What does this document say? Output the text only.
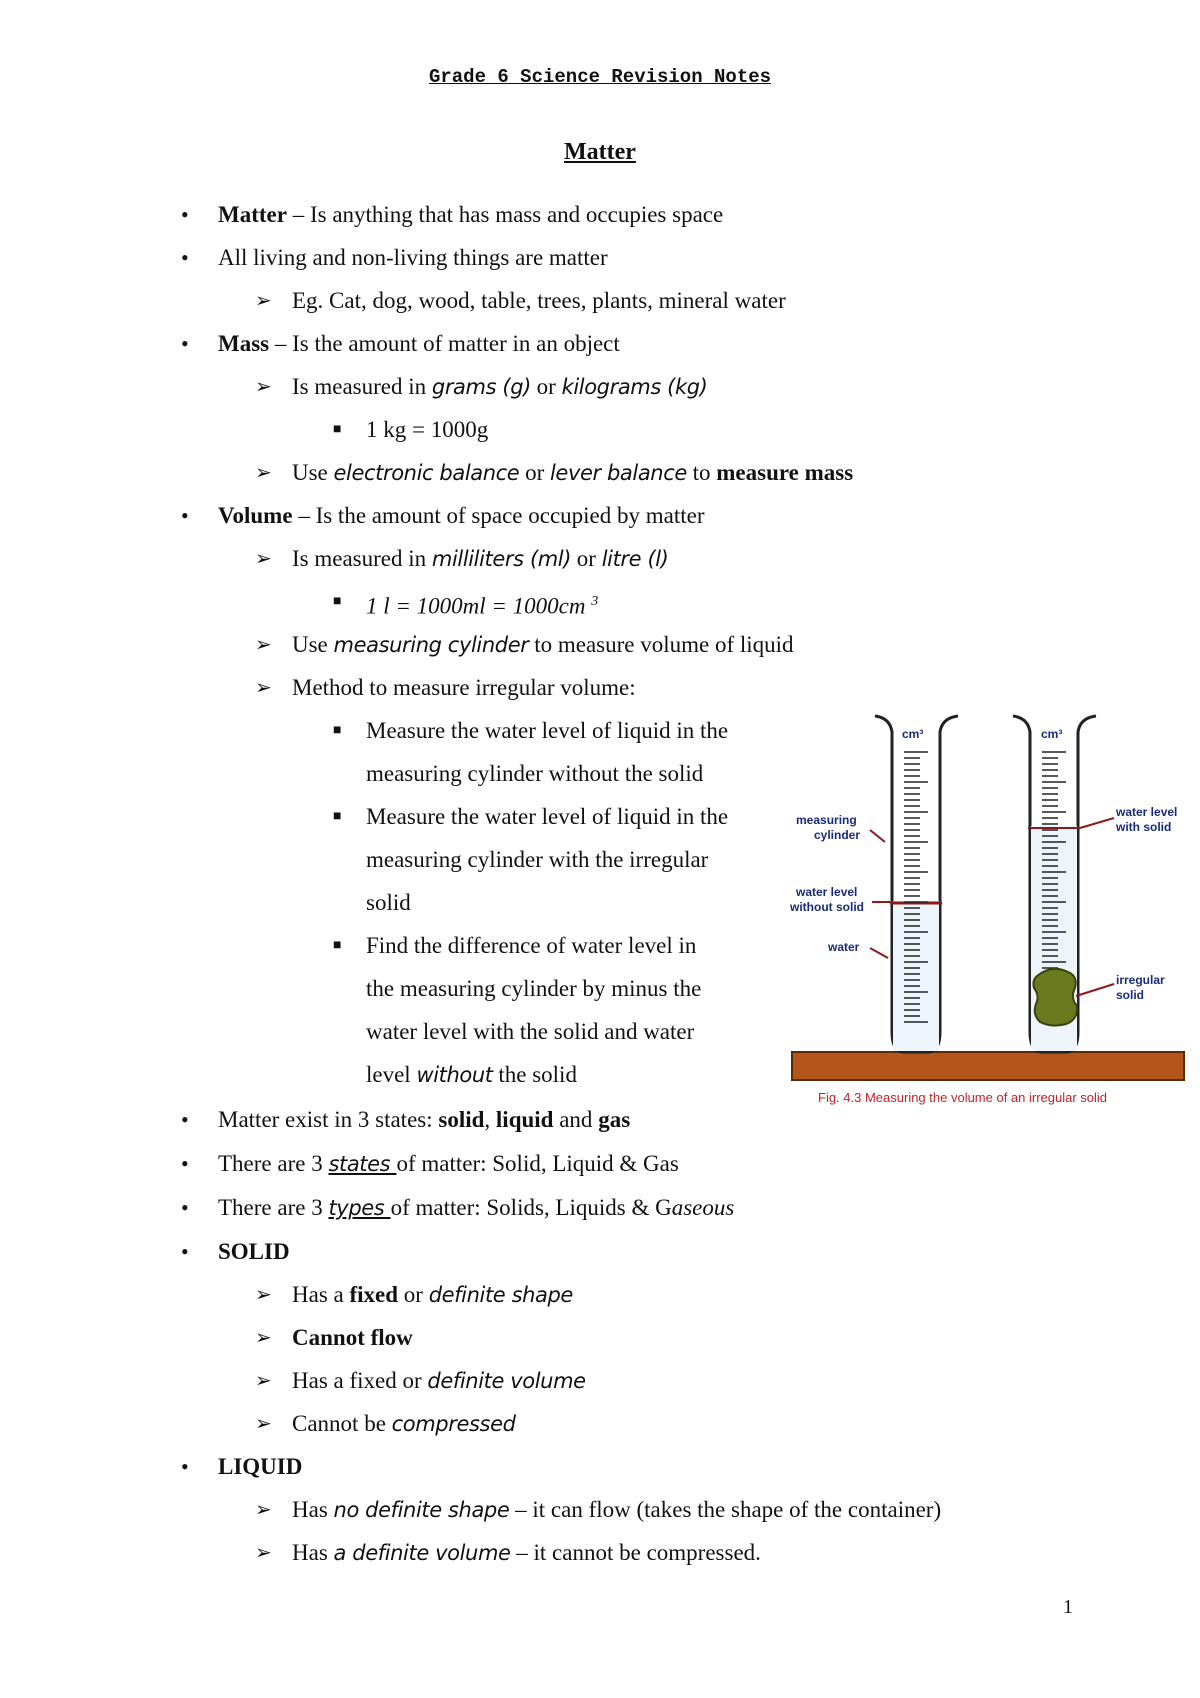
Grade 6 Science Revision Notes
Matter
• Matter – Is anything that has mass and occupies space
• All living and non-living things are matter
➢ Eg. Cat, dog, wood, table, trees, plants, mineral water
• Mass – Is the amount of matter in an object
➢ Is measured in grams (g) or kilograms (kg)
■ 1 kg = 1000g
➢ Use electronic balance or lever balance to measure mass
• Volume – Is the amount of space occupied by matter
➢ Is measured in milliliters (ml) or litre (l)
■ 1 l = 1000ml = 1000cm $^3$
➢ Use measuring cylinder to measure volume of liquid
➢ Method to measure irregular volume:
■ Measure the water level of liquid in the
measuring cylinder without the solid
■ Measure the water level of liquid in the
measuring cylinder with the irregular
solid
■ Find the difference of water level in
the measuring cylinder by minus the
water level with the solid and water
level without the solid
• Matter exist in 3 states: solid, liquid and gas
• There are 3 states of matter: Solid, Liquid & Gas
• There are 3 types of matter: Solids, Liquids & Gaseous
• SOLID
➢ Has a fixed or definite shape
➢ Cannot flow
➢ Has a fixed or definite volume
➢ Cannot be compressed
• LIQUID
➢ Has no definite shape – it can flow (takes the shape of the container)
➢ Has a definite volume – it cannot be compressed.
cm³	cm³
measuring
cylinder
water level
without solid
water
water level
with solid
irregular
solid
Fig. 4.3 Measuring the volume of an irregular solid
1
